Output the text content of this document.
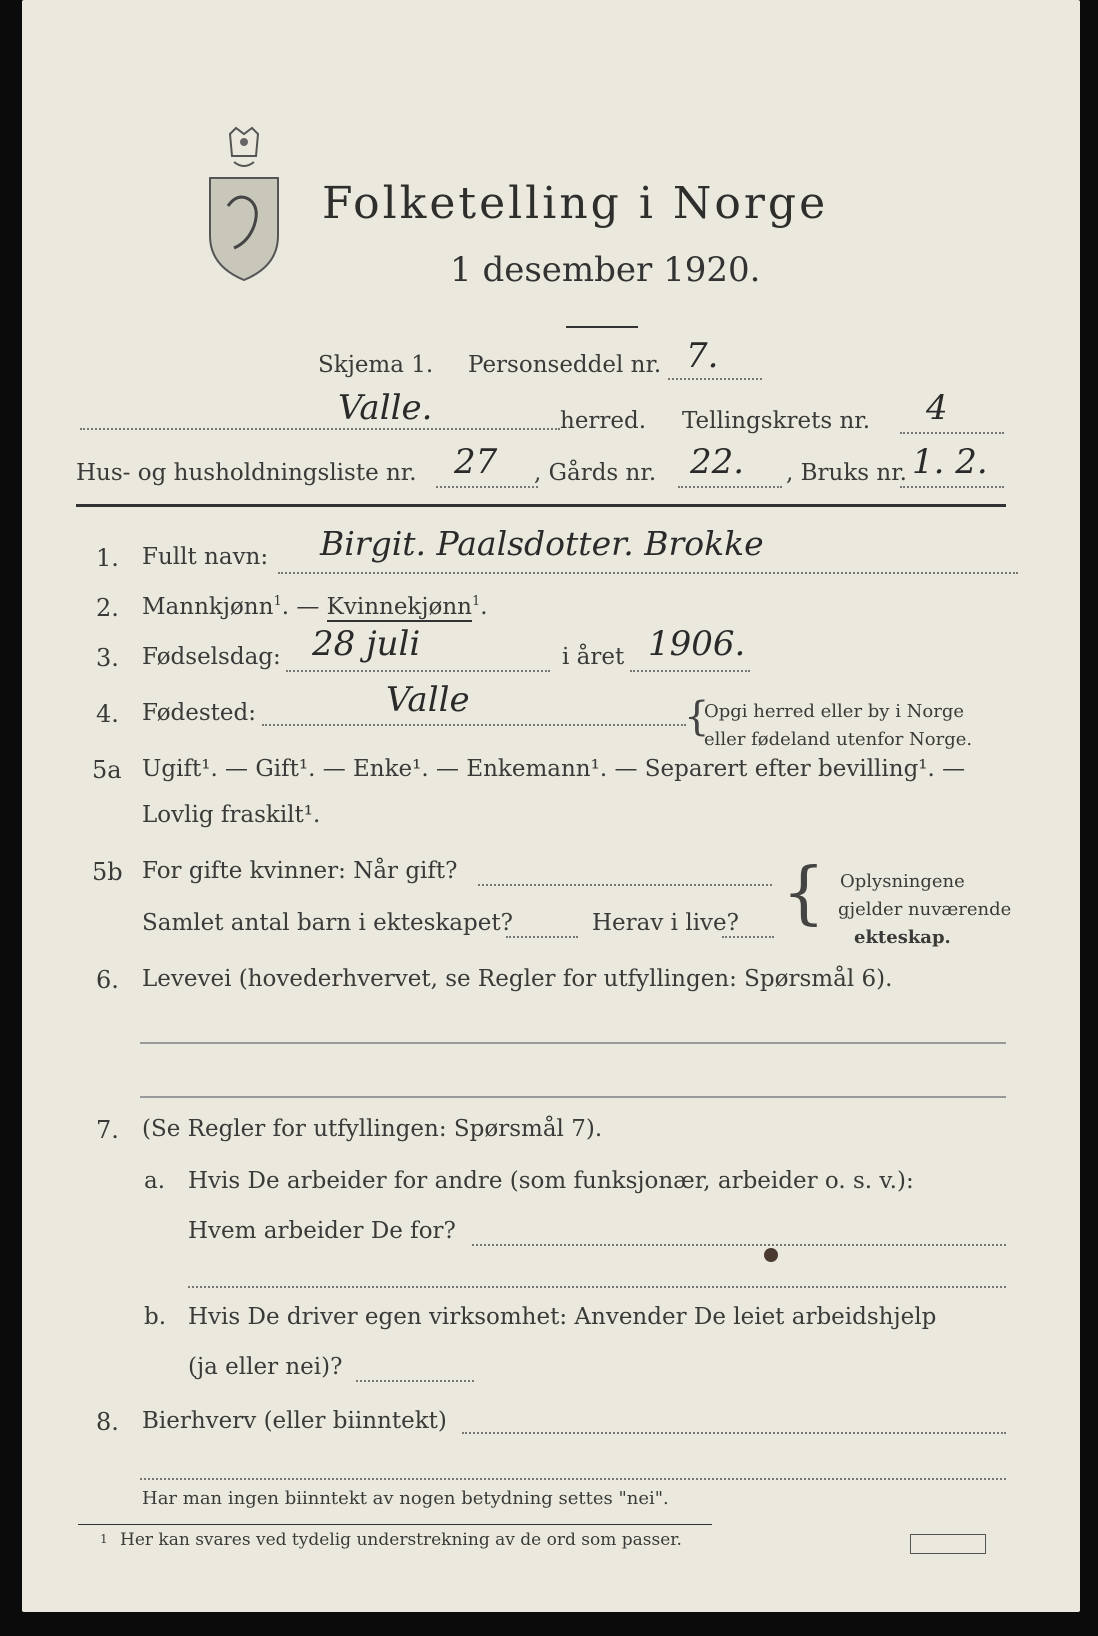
Folketelling i Norge
1 desember 1920.
Skjema 1. Personseddel nr. 7.
Valle.	herred. Tellingskrets nr. 4
Hus- og husholdningsliste nr. 27 , Gårds nr. 22. , Bruks nr. 1. 2.
1. Fullt navn: Birgit. Paalsdotter. Brokke
2. Mannkjønn$^1$. — Kvinnekjønn$^1$.
3. Fødselsdag: 28 juli	i året 1906.
4. Fødested:	Valle	{
Opgi herred eller by i Norge
eller fødeland utenfor Norge.
5a Ugift¹. — Gift¹. — Enke¹. — Enkemann¹. — Separert efter bevilling¹. —
Lovlig fraskilt¹.
5b For gifte kvinner: Når gift?
Samlet antal barn i ekteskapet?	Herav i live? { Oplysningene
gjelder nuværende
ekteskap.
6. Levevei (hovederhvervet, se Regler for utfyllingen: Spørsmål 6).
7. (Se Regler for utfyllingen: Spørsmål 7).
a. Hvis De arbeider for andre (som funksjonær, arbeider o. s. v.):
Hvem arbeider De for?
b. Hvis De driver egen virksomhet: Anvender De leiet arbeidshjelp
(ja eller nei)?
8. Bierhverv (eller biinntekt)
Har man ingen biinntekt av nogen betydning settes "nei".
1 Her kan svares ved tydelig understrekning av de ord som passer.
